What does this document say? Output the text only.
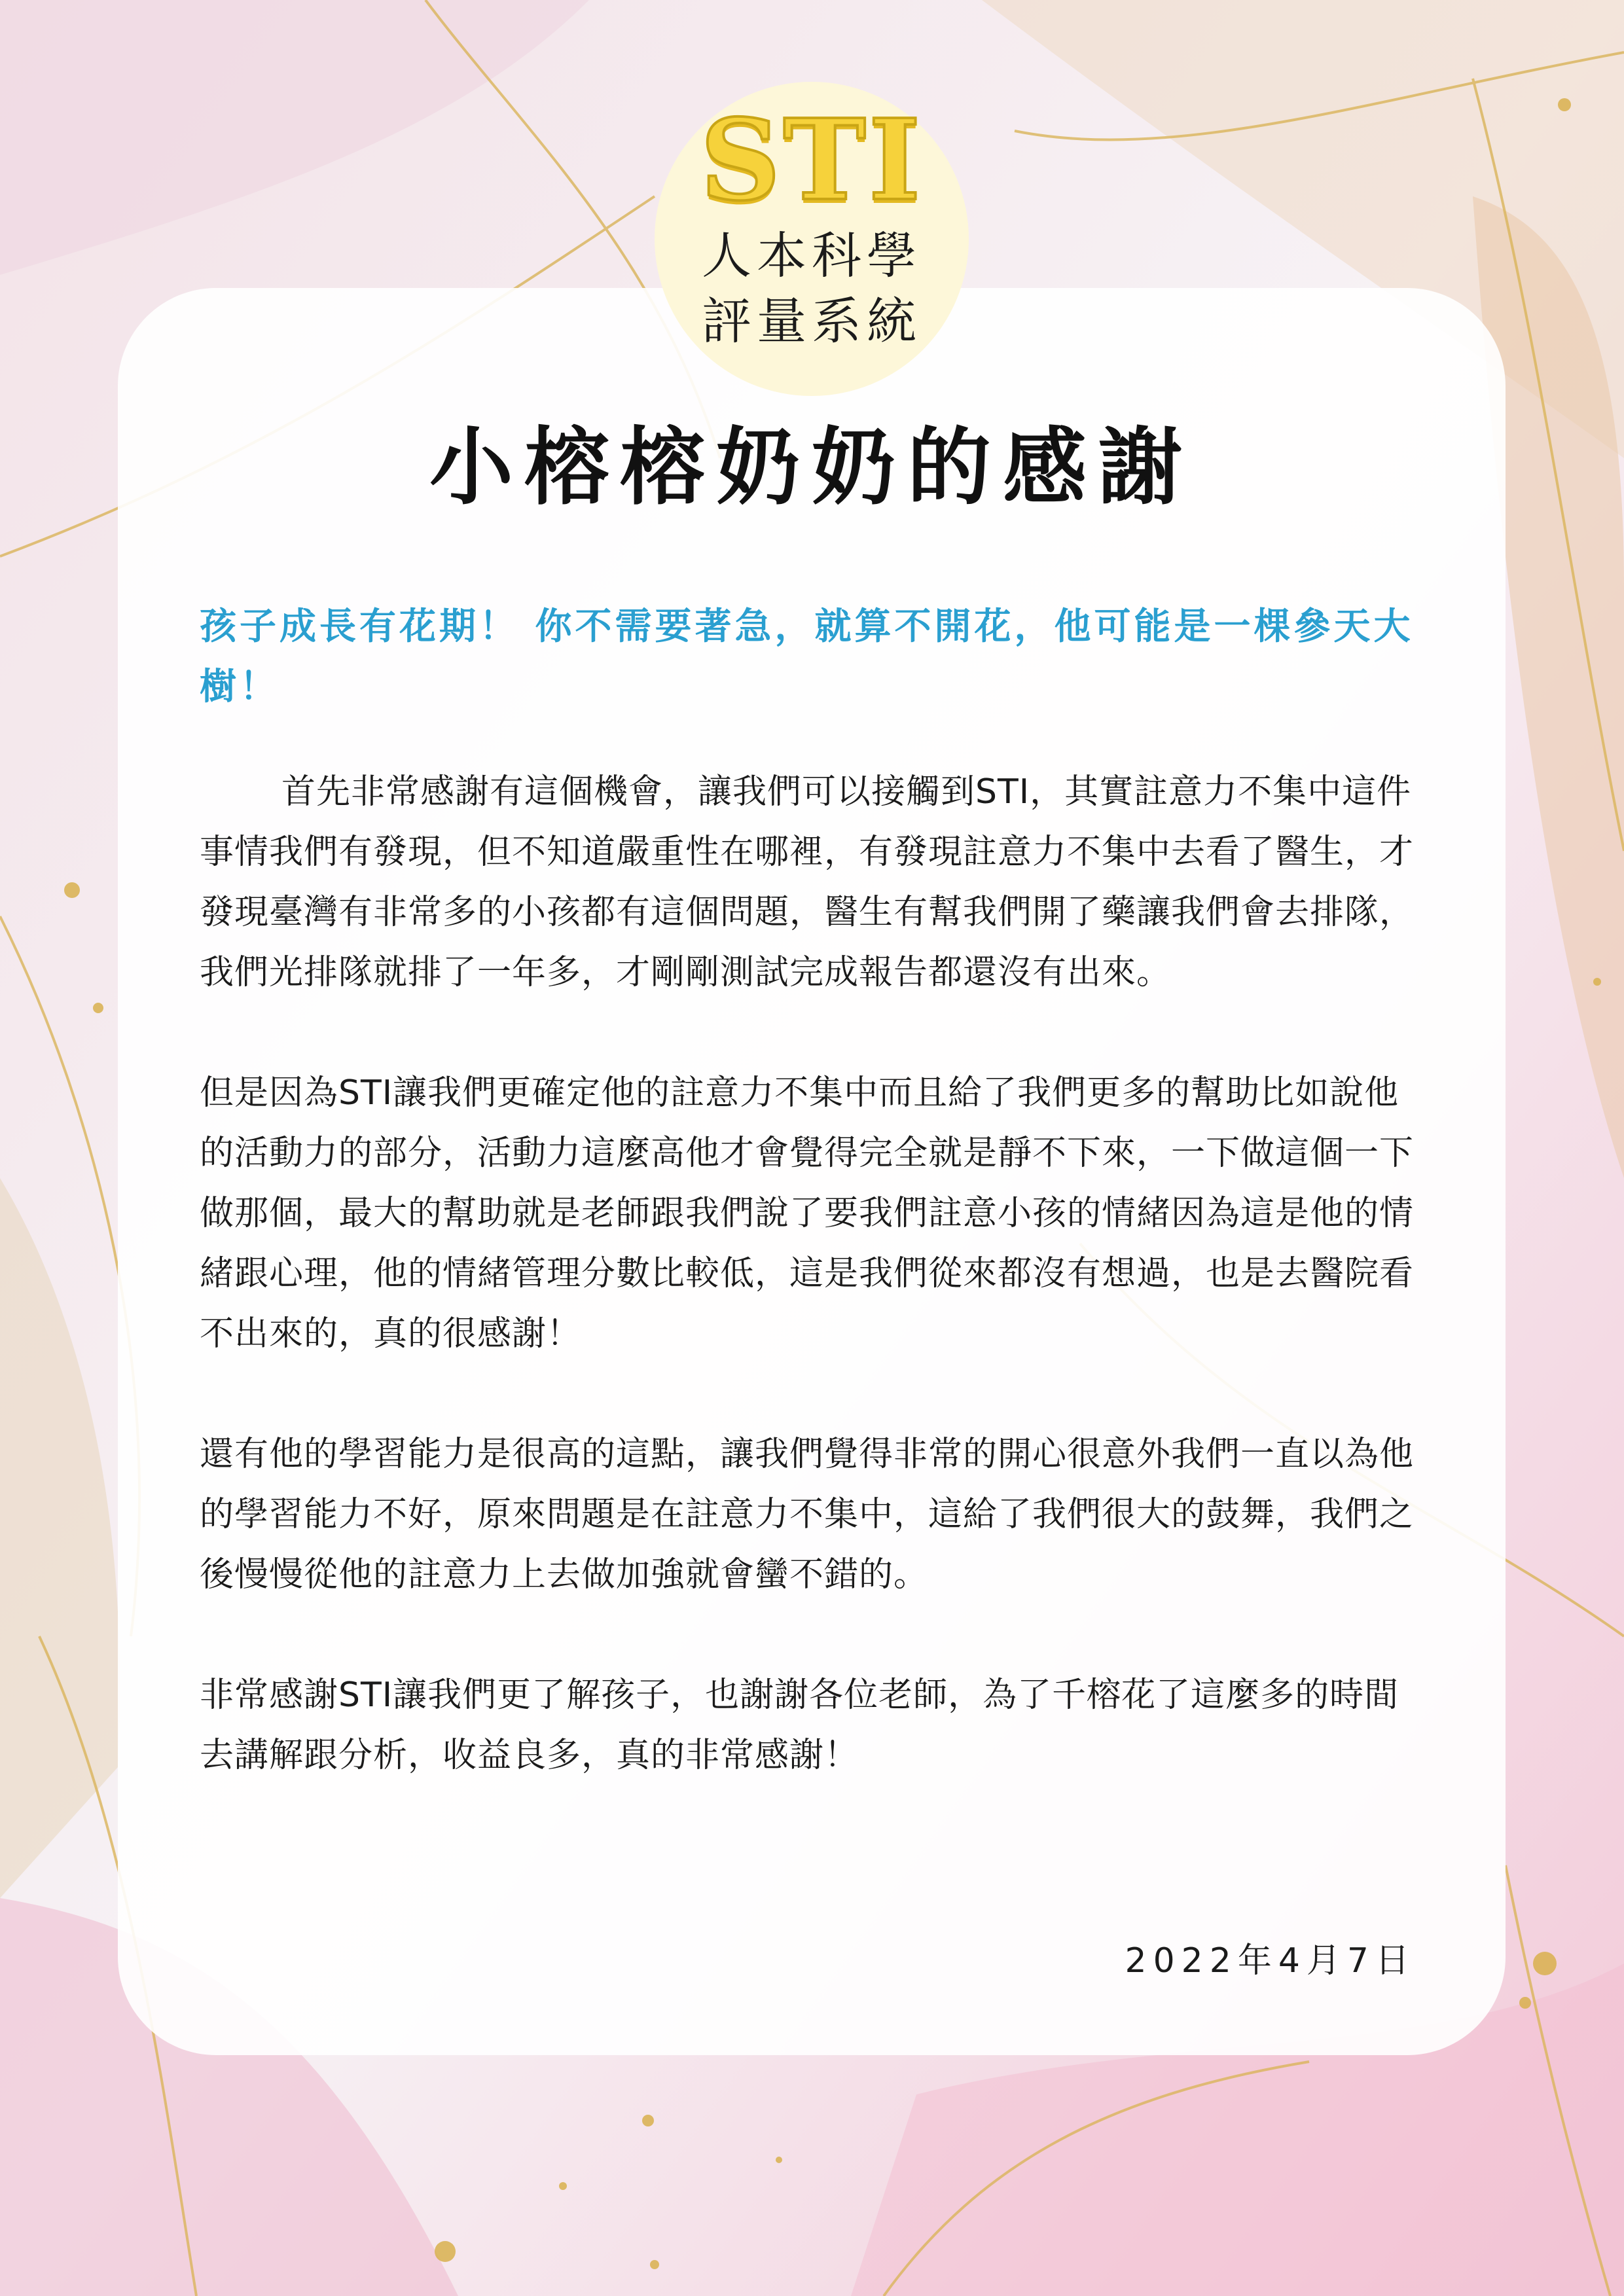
STI
人本科學
評量系統
小榕榕奶奶的感謝

孩子成長有花期！ 你不需要著急，就算不開花，他可能是一棵參天大樹！

首先非常感謝有這個機會，讓我們可以接觸到STI，其實註意力不集中這件事情我們有發現，但不知道嚴重性在哪裡，有發現註意力不集中去看了醫生，才發現臺灣有非常多的小孩都有這個問題，醫生有幫我們開了藥讓我們會去排隊，我們光排隊就排了一年多，才剛剛測試完成報告都還沒有出來。

但是因為STI讓我們更確定他的註意力不集中而且給了我們更多的幫助比如說他的活動力的部分，活動力這麼高他才會覺得完全就是靜不下來，一下做這個一下做那個，最大的幫助就是老師跟我們說了要我們註意小孩的情緒因為這是他的情緒跟心理，他的情緒管理分數比較低，這是我們從來都沒有想過，也是去醫院看不出來的，真的很感謝！

還有他的學習能力是很高的這點，讓我們覺得非常的開心很意外我們一直以為他的學習能力不好，原來問題是在註意力不集中，這給了我們很大的鼓舞，我們之後慢慢從他的註意力上去做加強就會蠻不錯的。

非常感謝STI讓我們更了解孩子，也謝謝各位老師，為了千榕花了這麼多的時間去講解跟分析，收益良多，真的非常感謝！

2022年4月7日
